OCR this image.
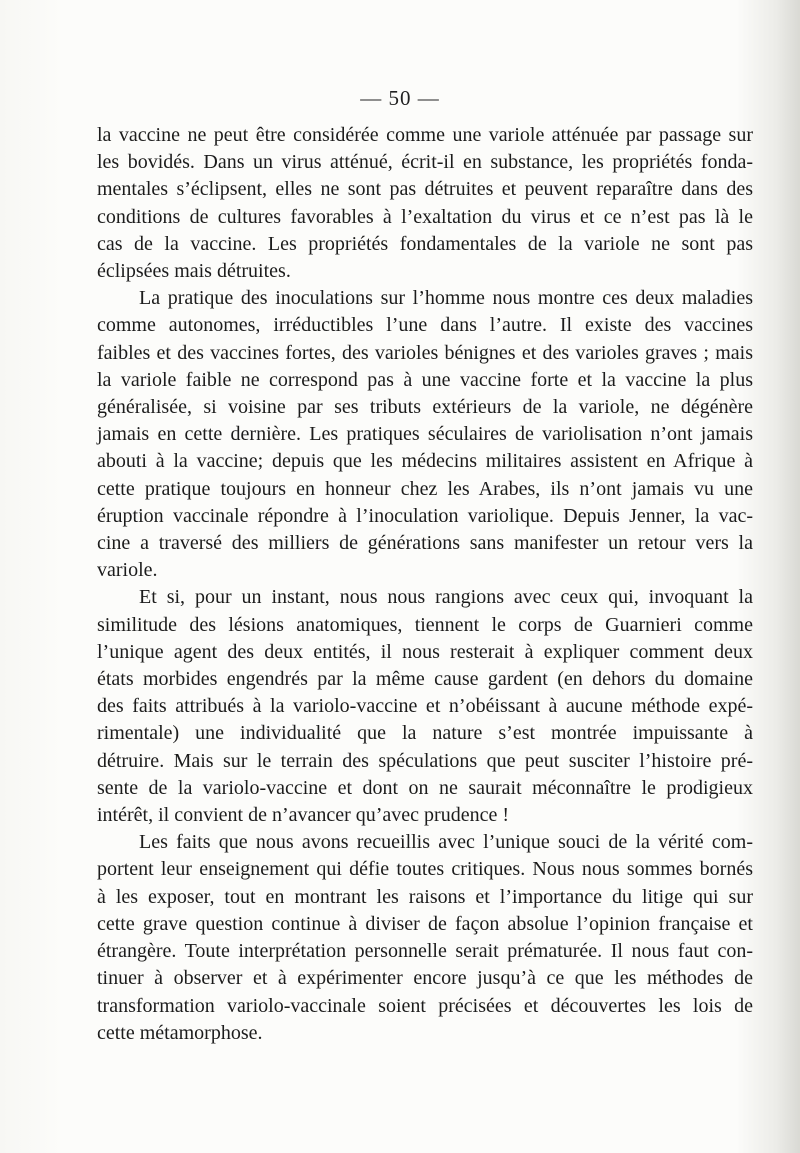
— 50 —
la vaccine ne peut être considérée comme une variole atténuée par passage sur
les bovidés. Dans un virus atténué, écrit-il en substance, les propriétés fonda-
mentales s’éclipsent, elles ne sont pas détruites et peuvent reparaître dans des
conditions de cultures favorables à l’exaltation du virus et ce n’est pas là le
cas de la vaccine. Les propriétés fondamentales de la variole ne sont pas
éclipsées mais détruites.
La pratique des inoculations sur l’homme nous montre ces deux maladies
comme autonomes, irréductibles l’une dans l’autre. Il existe des vaccines
faibles et des vaccines fortes, des varioles bénignes et des varioles graves ; mais
la variole faible ne correspond pas à une vaccine forte et la vaccine la plus
généralisée, si voisine par ses tributs extérieurs de la variole, ne dégénère
jamais en cette dernière. Les pratiques séculaires de variolisation n’ont jamais
abouti à la vaccine; depuis que les médecins militaires assistent en Afrique à
cette pratique toujours en honneur chez les Arabes, ils n’ont jamais vu une
éruption vaccinale répondre à l’inoculation variolique. Depuis Jenner, la vac-
cine a traversé des milliers de générations sans manifester un retour vers la
variole.
Et si, pour un instant, nous nous rangions avec ceux qui, invoquant la
similitude des lésions anatomiques, tiennent le corps de Guarnieri comme
l’unique agent des deux entités, il nous resterait à expliquer comment deux
états morbides engendrés par la même cause gardent (en dehors du domaine
des faits attribués à la variolo-vaccine et n’obéissant à aucune méthode expé-
rimentale) une individualité que la nature s’est montrée impuissante à
détruire. Mais sur le terrain des spéculations que peut susciter l’histoire pré-
sente de la variolo-vaccine et dont on ne saurait méconnaître le prodigieux
intérêt, il convient de n’avancer qu’avec prudence !
Les faits que nous avons recueillis avec l’unique souci de la vérité com-
portent leur enseignement qui défie toutes critiques. Nous nous sommes bornés
à les exposer, tout en montrant les raisons et l’importance du litige qui sur
cette grave question continue à diviser de façon absolue l’opinion française et
étrangère. Toute interprétation personnelle serait prématurée. Il nous faut con-
tinuer à observer et à expérimenter encore jusqu’à ce que les méthodes de
transformation variolo-vaccinale soient précisées et découvertes les lois de
cette métamorphose.
